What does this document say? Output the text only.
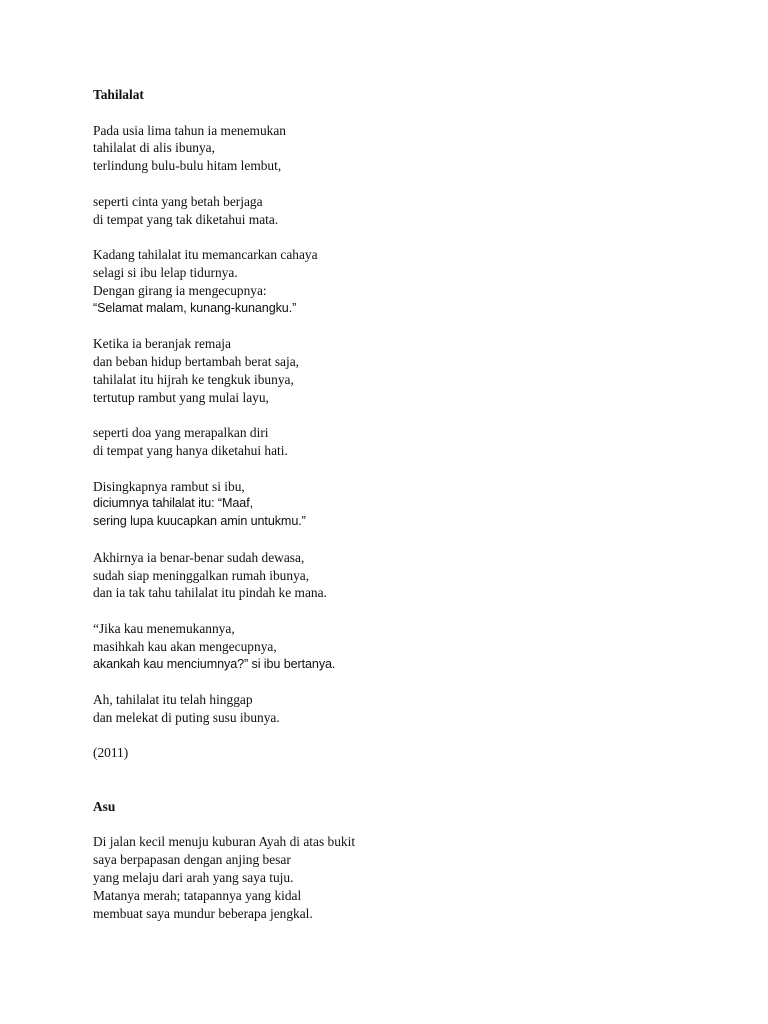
Tahilalat
Pada usia lima tahun ia menemukan
tahilalat di alis ibunya,
terlindung bulu-bulu hitam lembut,
seperti cinta yang betah berjaga
di tempat yang tak diketahui mata.
Kadang tahilalat itu memancarkan cahaya
selagi si ibu lelap tidurnya.
Dengan girang ia mengecupnya:
“Selamat malam, kunang-kunangku.”
Ketika ia beranjak remaja
dan beban hidup bertambah berat saja,
tahilalat itu hijrah ke tengkuk ibunya,
tertutup rambut yang mulai layu,
seperti doa yang merapalkan diri
di tempat yang hanya diketahui hati.
Disingkapnya rambut si ibu,
diciumnya tahilalat itu: “Maaf,
sering lupa kuucapkan amin untukmu.”
Akhirnya ia benar-benar sudah dewasa,
sudah siap meninggalkan rumah ibunya,
dan ia tak tahu tahilalat itu pindah ke mana.
“Jika kau menemukannya,
masihkah kau akan mengecupnya,
akankah kau menciumnya?” si ibu bertanya.
Ah, tahilalat itu telah hinggap
dan melekat di puting susu ibunya.
(2011)
Asu
Di jalan kecil menuju kuburan Ayah di atas bukit
saya berpapasan dengan anjing besar
yang melaju dari arah yang saya tuju.
Matanya merah; tatapannya yang kidal
membuat saya mundur beberapa jengkal.
